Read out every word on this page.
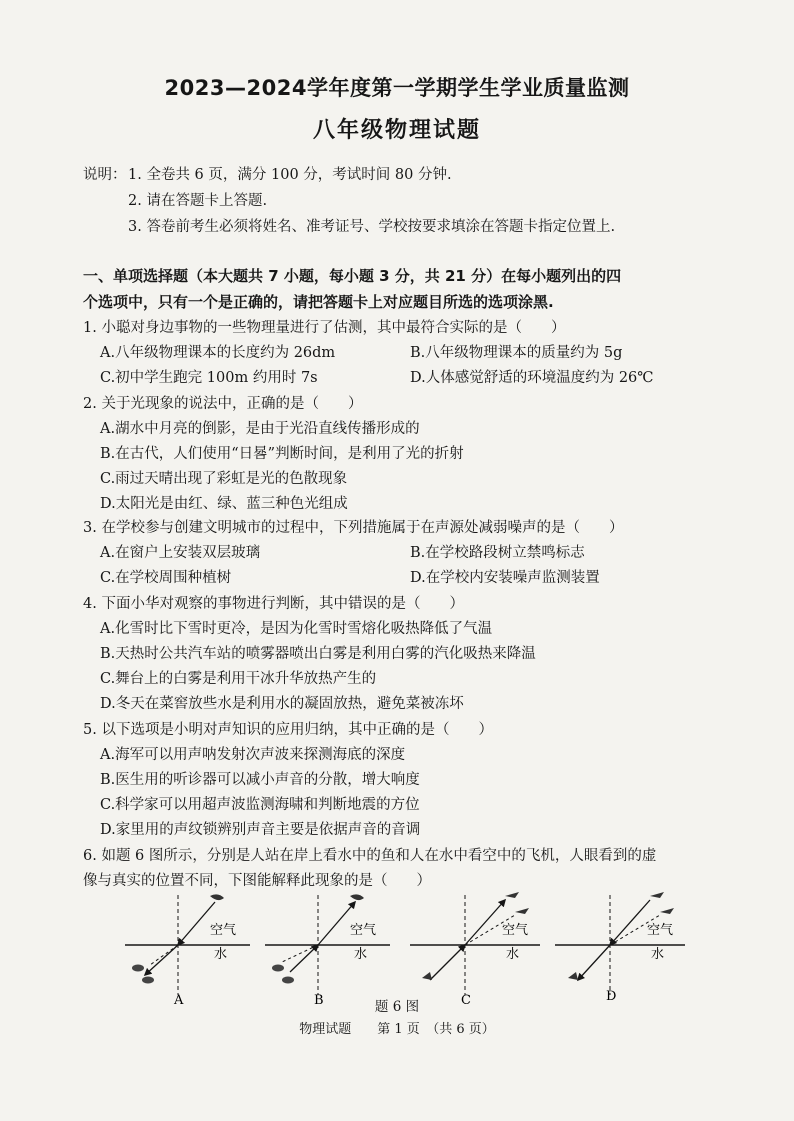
2023—2024学年度第一学期学生学业质量监测
八年级物理试题
说明： 1. 全卷共 6 页，满分 100 分，考试时间 80 分钟.
2. 请在答题卡上答题.
3. 答卷前考生必须将姓名、准考证号、学校按要求填涂在答题卡指定位置上.
一、单项选择题（本大题共 7 小题，每小题 3 分，共 21 分）在每小题列出的四
个选项中，只有一个是正确的，请把答题卡上对应题目所选的选项涂黑.
1. 小聪对身边事物的一些物理量进行了估测，其中最符合实际的是（　　）
A.八年级物理课本的长度约为 26dm	B.八年级物理课本的质量约为 5g
C.初中学生跑完 100m 约用时 7s	D.人体感觉舒适的环境温度约为 26℃
2. 关于光现象的说法中，正确的是（　　）
A.湖水中月亮的倒影，是由于光沿直线传播形成的
B.在古代，人们使用“日晷”判断时间，是利用了光的折射
C.雨过天晴出现了彩虹是光的色散现象
D.太阳光是由红、绿、蓝三种色光组成
3. 在学校参与创建文明城市的过程中，下列措施属于在声源处减弱噪声的是（　　）
A.在窗户上安装双层玻璃	B.在学校路段树立禁鸣标志
C.在学校周围种植树	D.在学校内安装噪声监测装置
4. 下面小华对观察的事物进行判断，其中错误的是（　　）
A.化雪时比下雪时更冷，是因为化雪时雪熔化吸热降低了气温
B.天热时公共汽车站的喷雾器喷出白雾是利用白雾的汽化吸热来降温
C.舞台上的白雾是利用干冰升华放热产生的
D.冬天在菜窖放些水是利用水的凝固放热，避免菜被冻坏
5. 以下选项是小明对声知识的应用归纳，其中正确的是（　　）
A.海军可以用声呐发射次声波来探测海底的深度
B.医生用的听诊器可以减小声音的分散，增大响度
C.科学家可以用超声波监测海啸和判断地震的方位
D.家里用的声纹锁辨别声音主要是依据声音的音调
6. 如题 6 图所示，分别是人站在岸上看水中的鱼和人在水中看空中的飞机，人眼看到的虚
像与真实的位置不同，下图能解释此现象的是（　　）
空气
水
空气
水
空气
水
空气
水
A	B	C	D
题 6 图
物理试题　　第 1 页　（共 6 页）
